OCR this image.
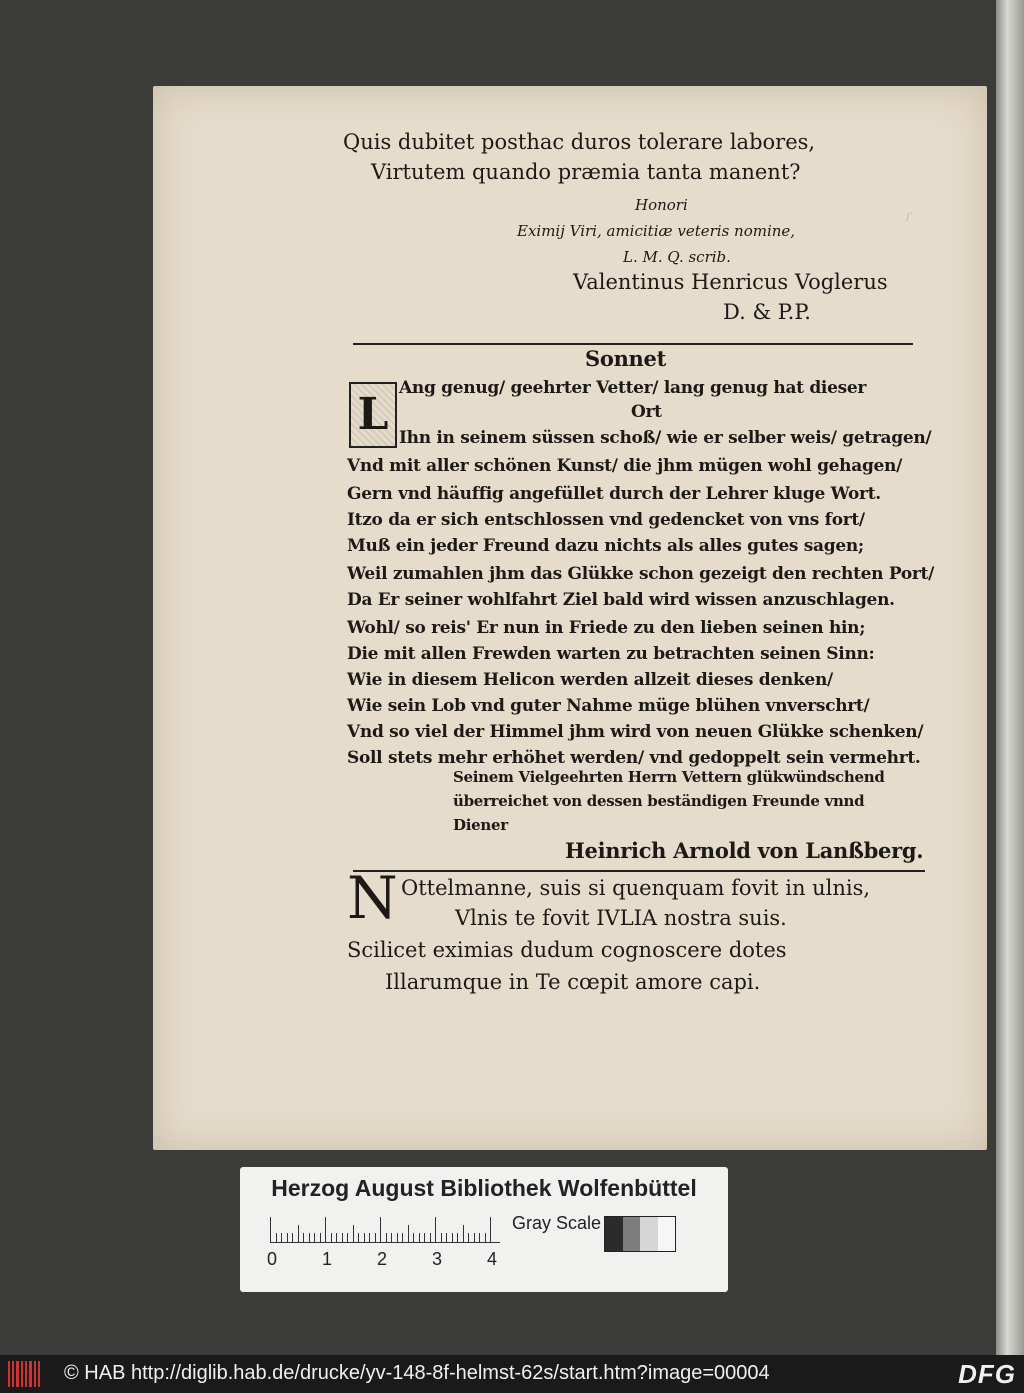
ɾ
Quis dubitet posthac duros tolerare labores,
Virtutem quando præmia tanta manent?
Honori
Eximij Viri, amicitiæ veteris nomine,
L. M. Q. scrib.
Valentinus Henricus Voglerus
D. & P.P.
Sonnet
L
Ang genug/ geehrter Vetter/ lang genug hat dieser
Ort
Ihn in seinem süssen schoß/ wie er selber weis/ getragen/
Vnd mit aller schönen Kunst/ die jhm mügen wohl gehagen/
Gern vnd häuffig angefüllet durch der Lehrer kluge Wort.
Itzo da er sich entschlossen vnd gedencket von vns fort/
Muß ein jeder Freund dazu nichts als alles gutes sagen;
Weil zumahlen jhm das Glükke schon gezeigt den rechten Port/
Da Er seiner wohlfahrt Ziel bald wird wissen anzuschlagen.
Wohl/ so reis' Er nun in Friede zu den lieben seinen hin;
Die mit allen Frewden warten zu betrachten seinen Sinn:
Wie in diesem Helicon werden allzeit dieses denken/
Wie sein Lob vnd guter Nahme müge blühen vnverschrt/
Vnd so viel der Himmel jhm wird von neuen Glükke schenken/
Soll stets mehr erhöhet werden/ vnd gedoppelt sein vermehrt.
Seinem Vielgeehrten Herrn Vettern glükwündschend
überreichet von dessen beständigen Freunde vnnd
Diener
Heinrich Arnold von Lanßberg.
N Ottelmanne, suis si quenquam fovit in ulnis,
Vlnis te fovit IVLIA nostra suis.
Scilicet eximias dudum cognoscere dotes
Illarumque in Te cœpit amore capi.
Herzog August Bibliothek Wolfenbüttel
0 1 2 3 4
Gray Scale
© HAB http://diglib.hab.de/drucke/yv-148-8f-helmst-62s/start.htm?image=00004	DFG
